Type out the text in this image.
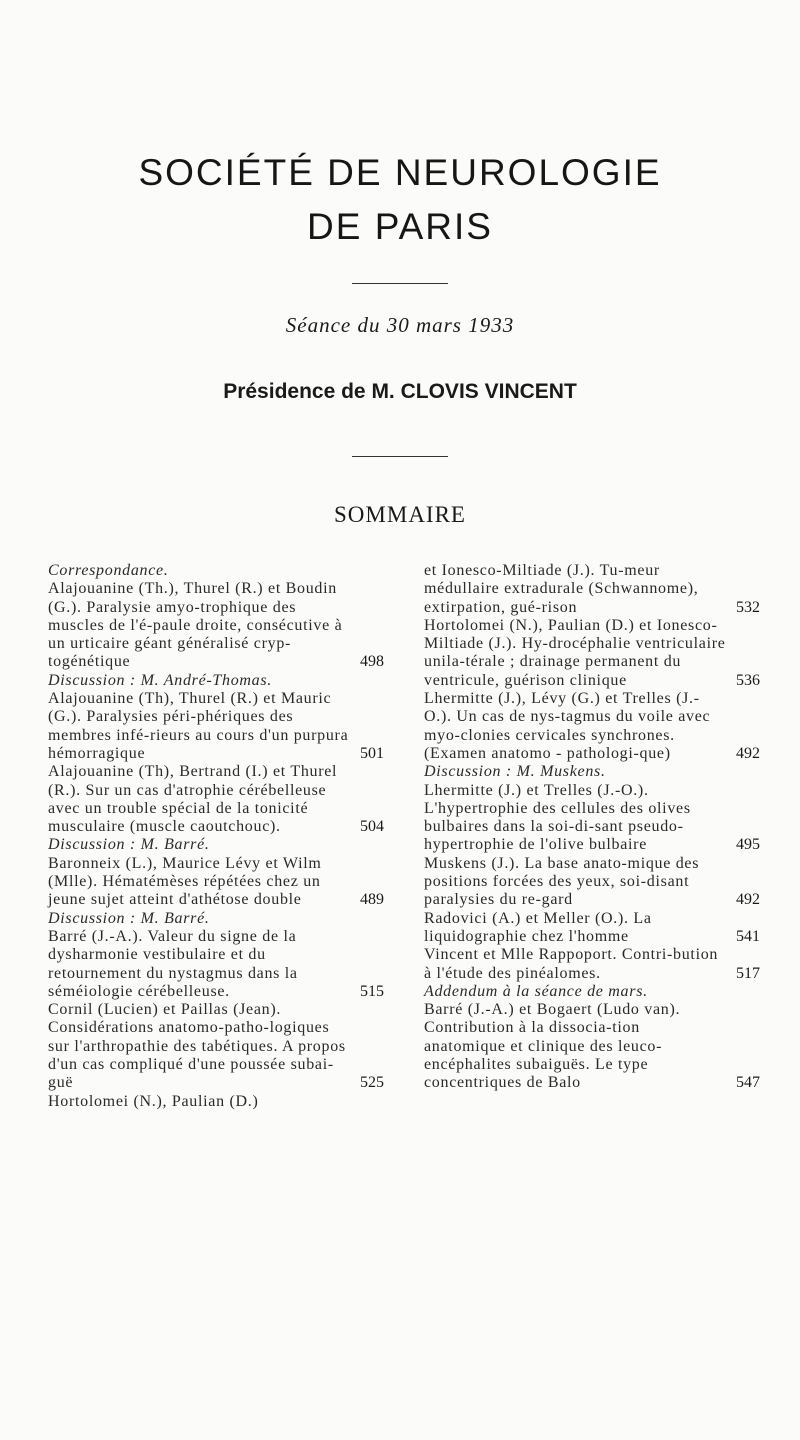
SOCIÉTÉ DE NEUROLOGIE
DE PARIS
Séance du 30 mars 1933
Présidence de M. CLOVIS VINCENT
SOMMAIRE

Correspondance.

Alajouanine (Th.), Thurel (R.) et Boudin (G.). Paralysie amyo-trophique des muscles de l'é-paule droite, consécutive à un urticaire géant généralisé cryp-togénétique	498

Discussion : M. André-Thomas.

Alajouanine (Th), Thurel (R.) et Mauric (G.). Paralysies péri-phériques des membres infé-rieurs au cours d'un purpura hémorragique	501

Alajouanine (Th), Bertrand (I.) et Thurel (R.). Sur un cas d'atrophie cérébelleuse avec un trouble spécial de la tonicité musculaire (muscle caoutchouc).	504

Discussion : M. Barré.

Baronneix (L.), Maurice Lévy et Wilm (Mlle). Hématémèses répétées chez un jeune sujet atteint d'athétose double	489

Discussion : M. Barré.

Barré (J.-A.). Valeur du signe de la dysharmonie vestibulaire et du retournement du nystagmus dans la séméiologie cérébelleuse.	515

Cornil (Lucien) et Paillas (Jean). Considérations anatomo-patho-logiques sur l'arthropathie des tabétiques. A propos d'un cas compliqué d'une poussée subai-guë	525

Hortolomei (N.), Paulian (D.)

et Ionesco-Miltiade (J.). Tu-meur médullaire extradurale (Schwannome), extirpation, gué-rison	532

Hortolomei (N.), Paulian (D.) et Ionesco-Miltiade (J.). Hy-drocéphalie ventriculaire unila-térale ; drainage permanent du ventricule, guérison clinique	536

Lhermitte (J.), Lévy (G.) et Trelles (J.-O.). Un cas de nys-tagmus du voile avec myo-clonies cervicales synchrones. (Examen anatomo - pathologi-que)	492

Discussion : M. Muskens.

Lhermitte (J.) et Trelles (J.-O.). L'hypertrophie des cellules des olives bulbaires dans la soi-di-sant pseudo-hypertrophie de l'olive bulbaire	495

Muskens (J.). La base anato-mique des positions forcées des yeux, soi-disant paralysies du re-gard	492

Radovici (A.) et Meller (O.). La liquidographie chez l'homme	541

Vincent et Mlle Rappoport. Contri-bution à l'étude des pinéalomes.	517

Addendum à la séance de mars.

Barré (J.-A.) et Bogaert (Ludo van). Contribution à la dissocia-tion anatomique et clinique des leuco-encéphalites subaiguës. Le type concentriques de Balo	547
